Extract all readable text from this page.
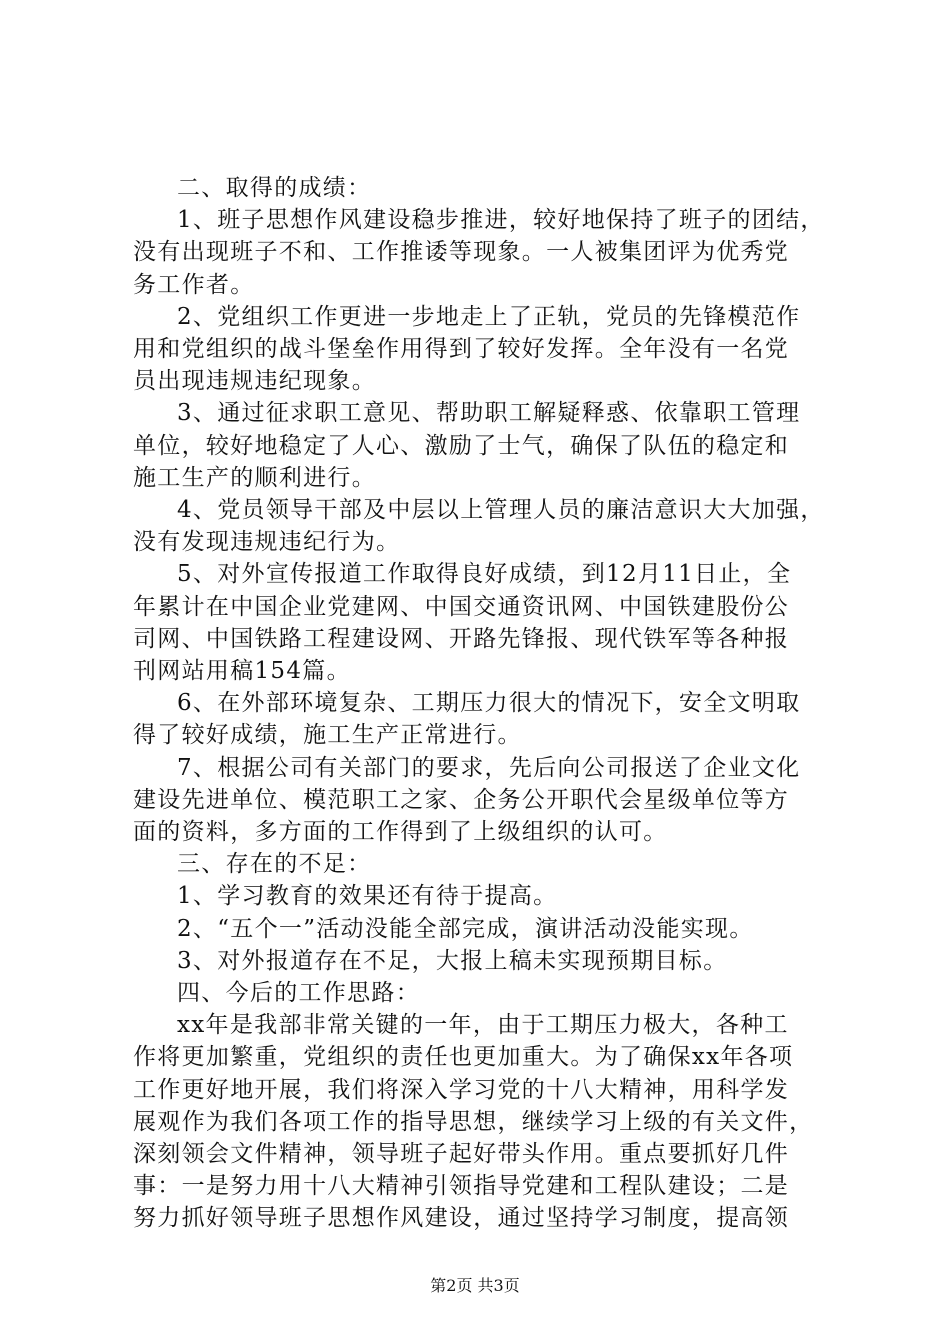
二、取得的成绩：
1、班子思想作风建设稳步推进，较好地保持了班子的团结，
没有出现班子不和、工作推诿等现象。一人被集团评为优秀党
务工作者。
2、党组织工作更进一步地走上了正轨，党员的先锋模范作
用和党组织的战斗堡垒作用得到了较好发挥。全年没有一名党
员出现违规违纪现象。
3、通过征求职工意见、帮助职工解疑释惑、依靠职工管理
单位，较好地稳定了人心、激励了士气，确保了队伍的稳定和
施工生产的顺利进行。
4、党员领导干部及中层以上管理人员的廉洁意识大大加强，
没有发现违规违纪行为。
5、对外宣传报道工作取得良好成绩，到12月11日止，全
年累计在中国企业党建网、中国交通资讯网、中国铁建股份公
司网、中国铁路工程建设网、开路先锋报、现代铁军等各种报
刊网站用稿154篇。
6、在外部环境复杂、工期压力很大的情况下，安全文明取
得了较好成绩，施工生产正常进行。
7、根据公司有关部门的要求，先后向公司报送了企业文化
建设先进单位、模范职工之家、企务公开职代会星级单位等方
面的资料，多方面的工作得到了上级组织的认可。
三、存在的不足：
1、学习教育的效果还有待于提高。
2、“五个一”活动没能全部完成，演讲活动没能实现。
3、对外报道存在不足，大报上稿未实现预期目标。
四、今后的工作思路：
xx年是我部非常关键的一年，由于工期压力极大，各种工
作将更加繁重，党组织的责任也更加重大。为了确保xx年各项
工作更好地开展，我们将深入学习党的十八大精神，用科学发
展观作为我们各项工作的指导思想，继续学习上级的有关文件，
深刻领会文件精神，领导班子起好带头作用。重点要抓好几件
事：一是努力用十八大精神引领指导党建和工程队建设；二是
努力抓好领导班子思想作风建设，通过坚持学习制度，提高领
第2页 共3页
